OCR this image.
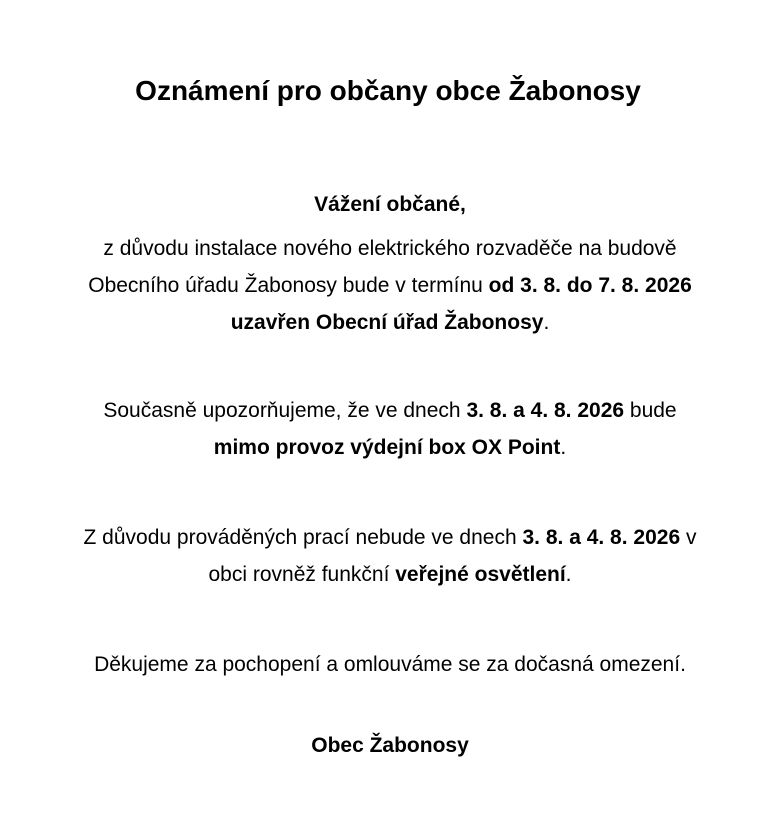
Oznámení pro občany obce Žabonosy
Vážení občané,
z důvodu instalace nového elektrického rozvaděče na budově Obecního úřadu Žabonosy bude v termínu od 3. 8. do 7. 8. 2026 uzavřen Obecní úřad Žabonosy.
Současně upozorňujeme, že ve dnech 3. 8. a 4. 8. 2026 bude mimo provoz výdejní box OX Point.
Z důvodu prováděných prací nebude ve dnech 3. 8. a 4. 8. 2026 v obci rovněž funkční veřejné osvětlení.
Děkujeme za pochopení a omlouváme se za dočasná omezení.
Obec Žabonosy
